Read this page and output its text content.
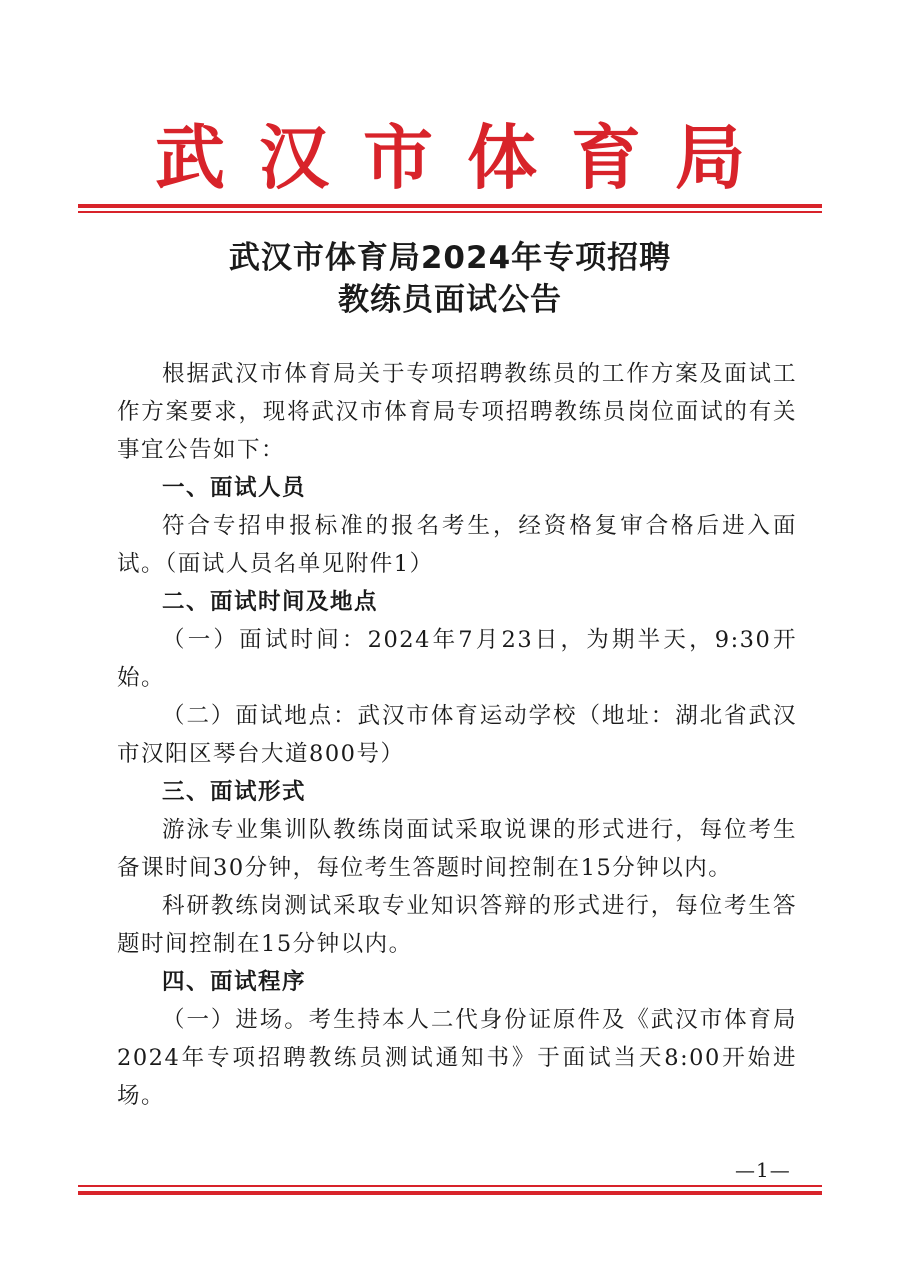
武 汉 市 体 育 局
武汉市体育局2024年专项招聘
教练员面试公告

根据武汉市体育局关于专项招聘教练员的工作方案及面试工作方案要求，现将武汉市体育局专项招聘教练员岗位面试的有关事宜公告如下：

一、面试人员

符合专招申报标准的报名考生，经资格复审合格后进入面试。（面试人员名单见附件1）

二、面试时间及地点

（一）面试时间：2024年7月23日，为期半天，9:30开始。

（二）面试地点：武汉市体育运动学校（地址：湖北省武汉市汉阳区琴台大道800号）

三、面试形式

游泳专业集训队教练岗面试采取说课的形式进行，每位考生备课时间30分钟，每位考生答题时间控制在15分钟以内。

科研教练岗测试采取专业知识答辩的形式进行，每位考生答题时间控制在15分钟以内。

四、面试程序

（一）进场。考生持本人二代身份证原件及《武汉市体育局2024年专项招聘教练员测试通知书》于面试当天8:00开始进场。

—1—
